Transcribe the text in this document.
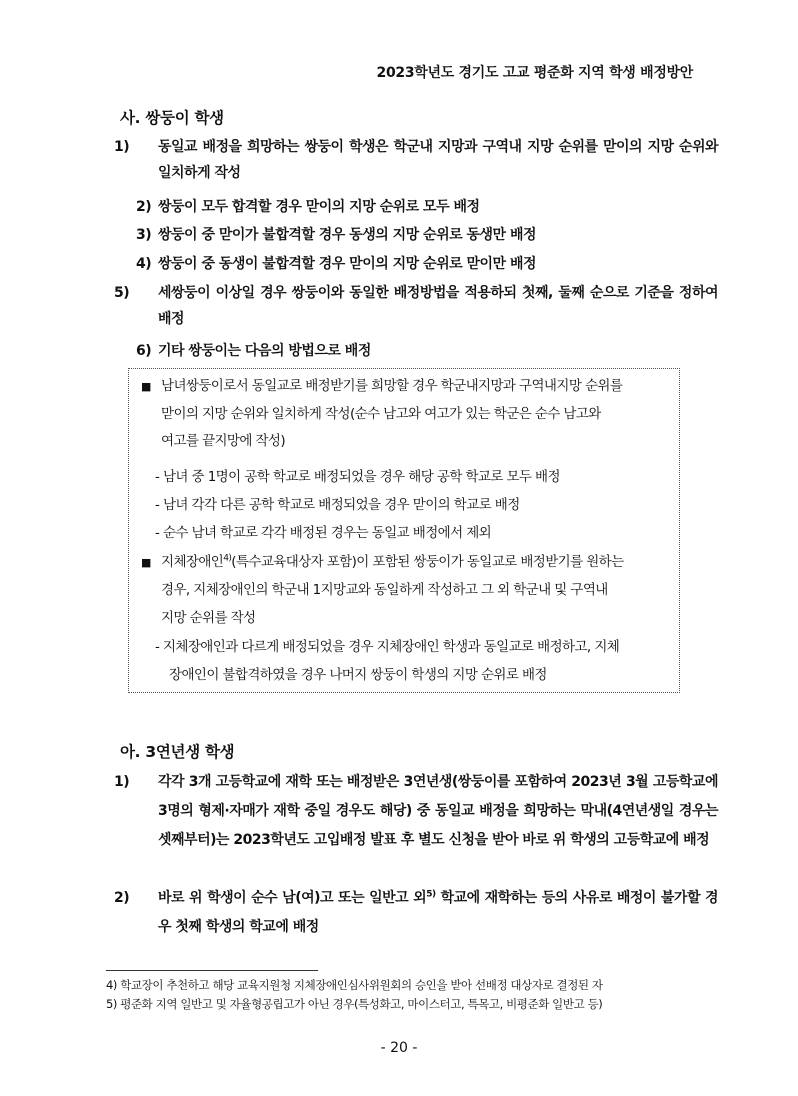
2023학년도 경기도 고교 평준화 지역 학생 배정방안
사. 쌍둥이 학생
1) 동일교 배정을 희망하는 쌍둥이 학생은 학군내 지망과 구역내 지망 순위를 맏이의 지망 순위와 일치하게 작성
2) 쌍둥이 모두 합격할 경우 맏이의 지망 순위로 모두 배정
3) 쌍둥이 중 맏이가 불합격할 경우 동생의 지망 순위로 동생만 배정
4) 쌍둥이 중 동생이 불합격할 경우 맏이의 지망 순위로 맏이만 배정
5) 세쌍둥이 이상일 경우 쌍둥이와 동일한 배정방법을 적용하되 첫째, 둘째 순으로 기준을 정하여 배정
6) 기타 쌍둥이는 다음의 방법으로 배정
■ 남녀쌍둥이로서 동일교로 배정받기를 희망할 경우 학군내지망과 구역내지망 순위를
맏이의 지망 순위와 일치하게 작성(순수 남고와 여고가 있는 학군은 순수 남고와
여고를 끝지망에 작성)
- 남녀 중 1명이 공학 학교로 배정되었을 경우 해당 공학 학교로 모두 배정
- 남녀 각각 다른 공학 학교로 배정되었을 경우 맏이의 학교로 배정
- 순수 남녀 학교로 각각 배정된 경우는 동일교 배정에서 제외
■ 지체장애인$^{4)}$(특수교육대상자 포함)이 포함된 쌍둥이가 동일교로 배정받기를 원하는
경우, 지체장애인의 학군내 1지망교와 동일하게 작성하고 그 외 학군내 및 구역내
지망 순위를 작성
- 지체장애인과 다르게 배정되었을 경우 지체장애인 학생과 동일교로 배정하고, 지체
장애인이 불합격하였을 경우 나머지 쌍둥이 학생의 지망 순위로 배정
아. 3연년생 학생
1) 각각 3개 고등학교에 재학 또는 배정받은 3연년생(쌍둥이를 포함하여 2023년 3월 고등학교에 3명의 형제·자매가 재학 중일 경우도 해당) 중 동일교 배정을 희망하는 막내(4연년생일 경우는 셋째부터)는 2023학년도 고입배정 발표 후 별도 신청을 받아 바로 위 학생의 고등학교에 배정
2) 바로 위 학생이 순수 남(여)고 또는 일반고 외$^{5)}$ 학교에 재학하는 등의 사유로 배정이 불가할 경우 첫째 학생의 학교에 배정
4) 학교장이 추천하고 해당 교육지원청 지체장애인심사위원회의 승인을 받아 선배정 대상자로 결정된 자
5) 평준화 지역 일반고 및 자율형공립고가 아닌 경우(특성화고, 마이스터고, 특목고, 비평준화 일반고 등)
- 20 -
